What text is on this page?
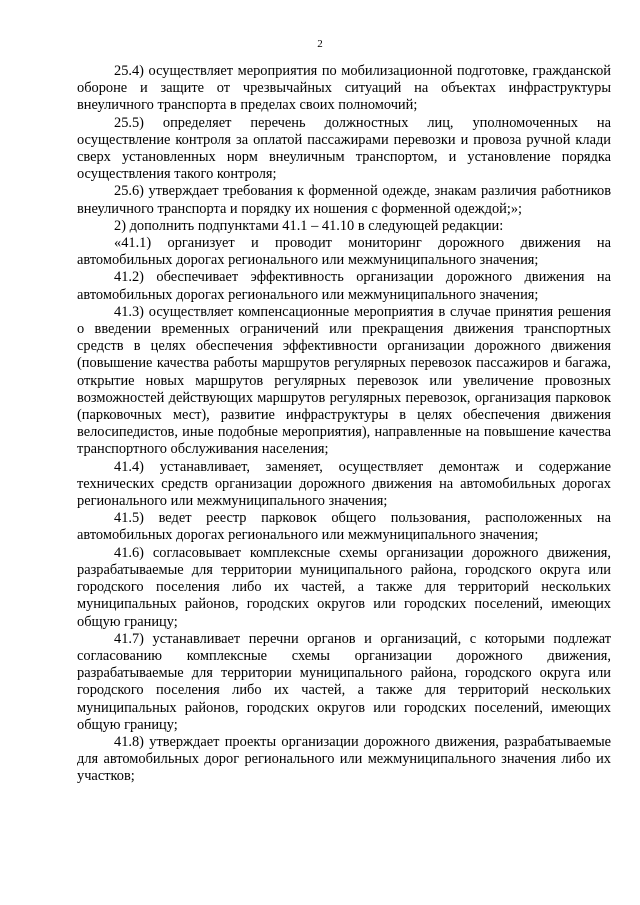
2

25.4) осуществляет мероприятия по мобилизационной подготовке, гражданской обороне и защите от чрезвычайных ситуаций на объектах инфраструктуры внеуличного транспорта в пределах своих полномочий;

25.5) определяет перечень должностных лиц, уполномоченных на осуществление контроля за оплатой пассажирами перевозки и провоза ручной клади сверх установленных норм внеуличным транспортом, и установление порядка осуществления такого контроля;

25.6) утверждает требования к форменной одежде, знакам различия работников внеуличного транспорта и порядку их ношения с форменной одеждой;»;

2) дополнить подпунктами 41.1 – 41.10 в следующей редакции:

«41.1) организует и проводит мониторинг дорожного движения на автомобильных дорогах регионального или межмуниципального значения;

41.2) обеспечивает эффективность организации дорожного движения на автомобильных дорогах регионального или межмуниципального значения;

41.3) осуществляет компенсационные мероприятия в случае принятия решения о введении временных ограничений или прекращения движения транспортных средств в целях обеспечения эффективности организации дорожного движения (повышение качества работы маршрутов регулярных перевозок пассажиров и багажа, открытие новых маршрутов регулярных перевозок или увеличение провозных возможностей действующих маршрутов регулярных перевозок, организация парковок (парковочных мест), развитие инфраструктуры в целях обеспечения движения велосипедистов, иные подобные мероприятия), направленные на повышение качества транспортного обслуживания населения;

41.4) устанавливает, заменяет, осуществляет демонтаж и содержание технических средств организации дорожного движения на автомобильных дорогах регионального или межмуниципального значения;

41.5) ведет реестр парковок общего пользования, расположенных на автомобильных дорогах регионального или межмуниципального значения;

41.6) согласовывает комплексные схемы организации дорожного движения, разрабатываемые для территории муниципального района, городского округа или городского поселения либо их частей, а также для территорий нескольких муниципальных районов, городских округов или городских поселений, имеющих общую границу;

41.7) устанавливает перечни органов и организаций, с которыми подлежат согласованию комплексные схемы организации дорожного движения, разрабатываемые для территории муниципального района, городского округа или городского поселения либо их частей, а также для территорий нескольких муниципальных районов, городских округов или городских поселений, имеющих общую границу;

41.8) утверждает проекты организации дорожного движения, разрабатываемые для автомобильных дорог регионального или межмуниципального значения либо их участков;
